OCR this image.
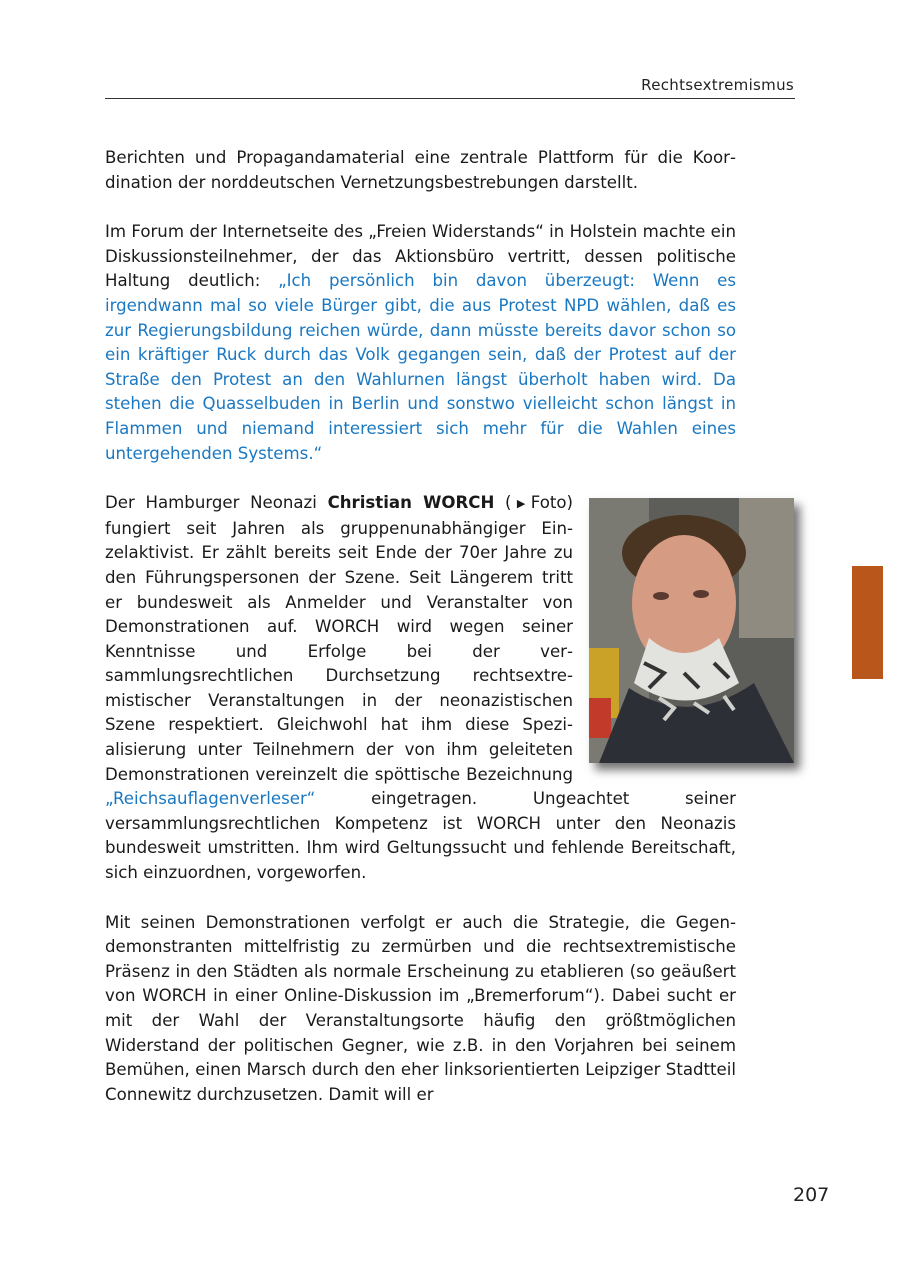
Rechtsextremismus

Berichten und Propagandamaterial eine zentrale Plattform für die Koordination der norddeutschen Vernetzungsbestrebungen darstellt.

Im Forum der Internetseite des „Freien Widerstands“ in Holstein machte ein Diskussionsteilnehmer, der das Aktionsbüro vertritt, dessen politische Haltung deutlich: „Ich persönlich bin davon überzeugt: Wenn es irgendwann mal so viele Bürger gibt, die aus Protest NPD wählen, daß es zur Regierungsbildung reichen würde, dann müsste bereits davor schon so ein kräftiger Ruck durch das Volk gegangen sein, daß der Protest auf der Straße den Protest an den Wahlurnen längst überholt haben wird. Da stehen die Quasselbuden in Berlin und sonstwo vielleicht schon längst in Flammen und niemand interessiert sich mehr für die Wahlen eines untergehenden Systems.“

Der Hamburger Neonazi Christian WORCH (▶Foto) fungiert seit Jahren als gruppenunabhängiger Einzelaktivist. Er zählt bereits seit Ende der 70er Jahre zu den Führungspersonen der Szene. Seit Längerem tritt er bundesweit als Anmelder und Veranstalter von Demonstrationen auf. WORCH wird wegen seiner Kenntnisse und Erfolge bei der versammlungsrechtlichen Durchsetzung rechtsextremistischer Veranstaltungen in der neonazistischen Szene respektiert. Gleichwohl hat ihm diese Spezialisierung unter Teilnehmern der von ihm geleiteten Demonstrationen vereinzelt die spöttische Bezeichnung „Reichsauflagenverleser“ eingetragen. Ungeachtet seiner versammlungsrechtlichen Kompetenz ist WORCH unter den Neonazis bundesweit umstritten. Ihm wird Geltungssucht und fehlende Bereitschaft, sich einzuordnen, vorgeworfen.

Mit seinen Demonstrationen verfolgt er auch die Strategie, die Gegendemonstranten mittelfristig zu zermürben und die rechtsextremistische Präsenz in den Städten als normale Erscheinung zu etablieren (so geäußert von WORCH in einer Online-Diskussion im „Bremerforum“). Dabei sucht er mit der Wahl der Veranstaltungsorte häufig den größtmöglichen Widerstand der politischen Gegner, wie z.B. in den Vorjahren bei seinem Bemühen, einen Marsch durch den eher linksorientierten Leipziger Stadtteil Connewitz durchzusetzen. Damit will er

207
